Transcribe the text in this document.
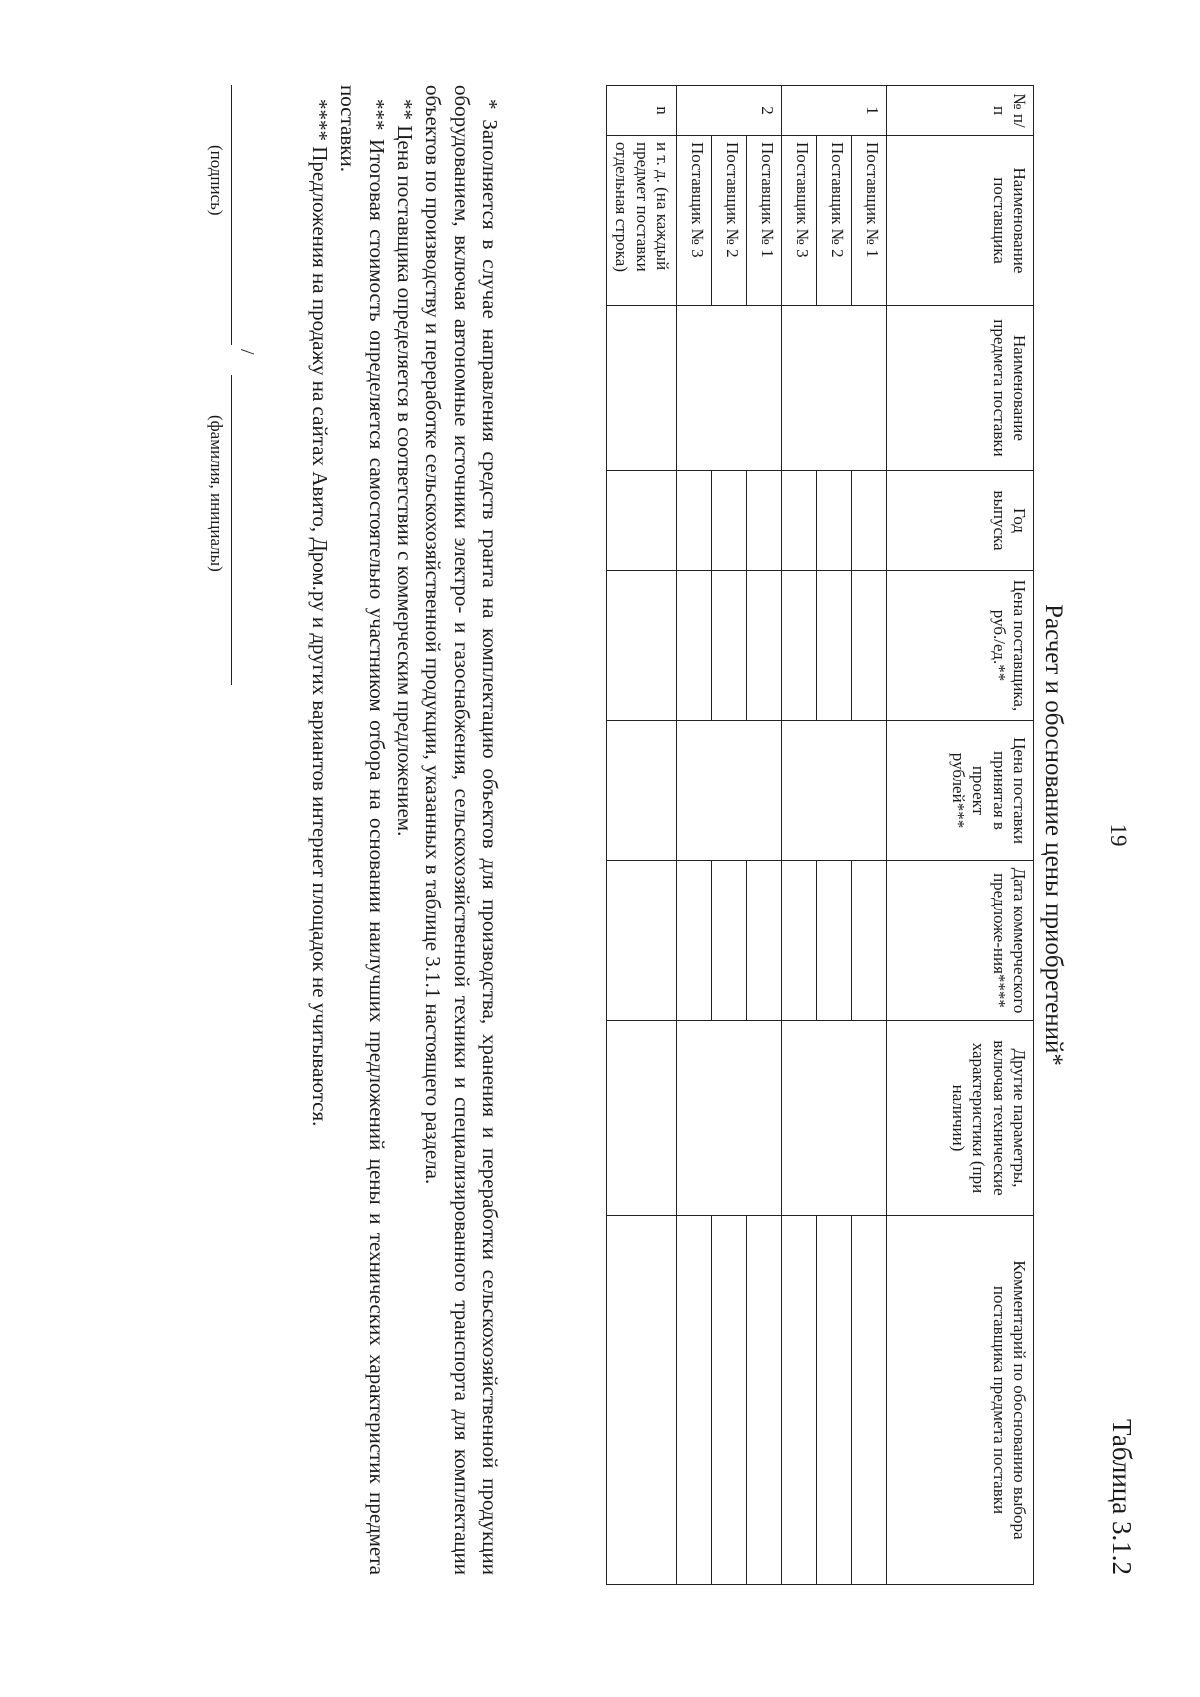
19
Таблица 3.1.2
Расчет и обоснование цены приобретений*
№ п/п	Наименование поставщика	Наименование предмета поставки	Год выпуска	Цена поставщика, руб./ед.**	Цена поставки принятая в проект рублей***	Дата коммерческого предложе-ния****	Другие параметры, включая технические характеристики (при наличии)	Комментарий по обоснованию выбора поставщика предмета поставки
1	Поставщик № 1							
	Поставщик № 2							
	Поставщик № 3							
2	Поставщик № 1							
	Поставщик № 2							
	Поставщик № 3							
n	и т. д. (на каждый предмет поставки отдельная строка)							

* Заполняется в случае направления средств гранта на комплектацию объектов для производства, хранения и переработки сельскохозяйственной продукции оборудованием, включая автономные источники электро- и газоснабжения, сельскохозяйственной техники и специализированного транспорта для комплектации объектов по производству и переработке сельскохозяйственной продукции, указанных в таблице 3.1.1 настоящего раздела.

** Цена поставщика определяется в соответствии с коммерческим предложением.

*** Итоговая стоимость определяется самостоятельно участником отбора на основании наилучших предложений цены и технических характеристик предмета поставки.

**** Предложения на продажу на сайтах Авито, Дром.ру и других вариантов интернет площадок не учитываются.

/
(подпись)
(фамилия, инициалы)
